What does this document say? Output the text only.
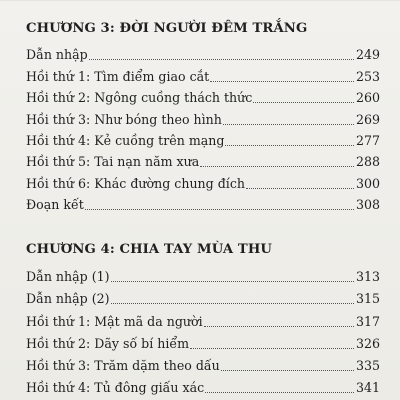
CHƯƠNG 3: ĐỜI NGƯỜI ĐÊM TRẮNG
Dẫn nhập	249
Hồi thứ 1: Tìm điểm giao cắt	253
Hồi thứ 2: Ngông cuồng thách thức	260
Hồi thứ 3: Như bóng theo hình	269
Hồi thứ 4: Kẻ cuồng trên mạng	277
Hồi thứ 5: Tai nạn năm xưa	288
Hồi thứ 6: Khác đường chung đích	300
Đoạn kết	308
CHƯƠNG 4: CHIA TAY MÙA THU
Dẫn nhập (1)	313
Dẫn nhập (2)	315
Hồi thứ 1: Mật mã da người	317
Hồi thứ 2: Dãy số bí hiểm	326
Hồi thứ 3: Trăm dặm theo dấu	335
Hồi thứ 4: Tủ đông giấu xác	341
